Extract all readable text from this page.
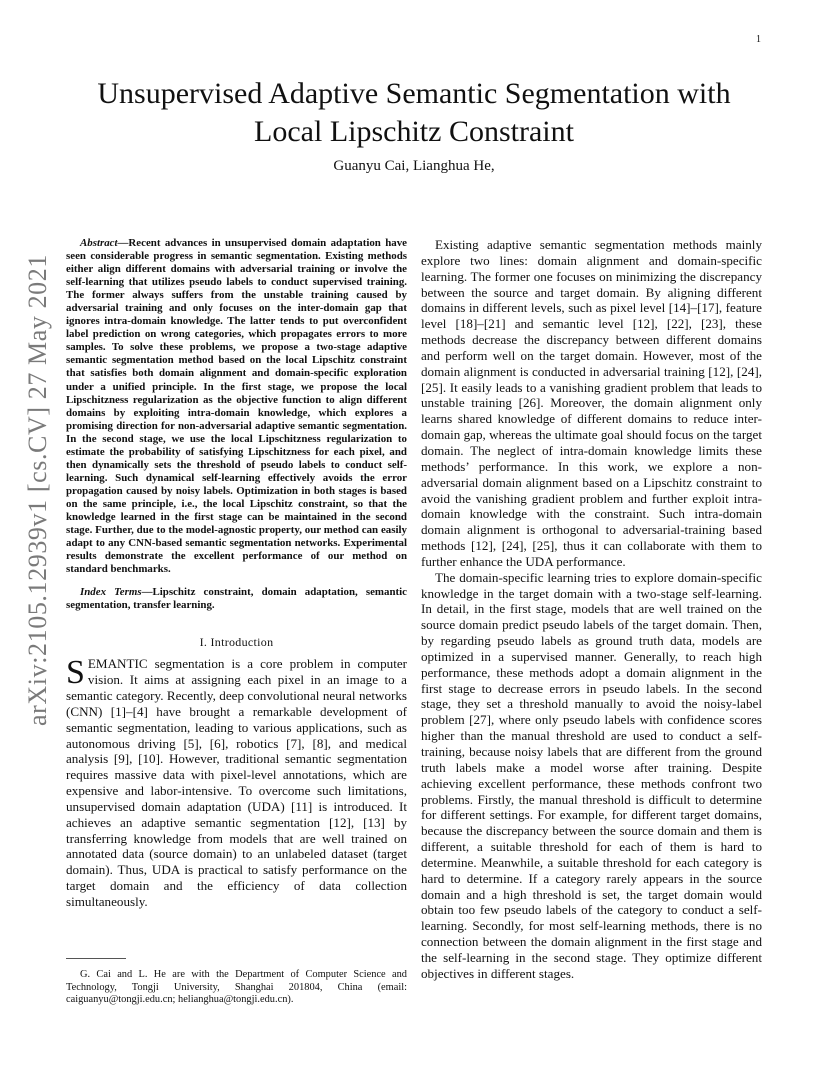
1
arXiv:2105.12939v1 [cs.CV] 27 May 2021
Unsupervised Adaptive Semantic Segmentation with
Local Lipschitz Constraint
Guanyu Cai, Lianghua He,

Abstract—Recent advances in unsupervised domain adaptation have seen considerable progress in semantic segmentation. Existing methods either align different domains with adversarial training or involve the self-learning that utilizes pseudo labels to conduct supervised training. The former always suffers from the unstable training caused by adversarial training and only focuses on the inter-domain gap that ignores intra-domain knowledge. The latter tends to put overconfident label prediction on wrong categories, which propagates errors to more samples. To solve these problems, we propose a two-stage adaptive semantic segmentation method based on the local Lipschitz constraint that satisfies both domain alignment and domain-specific exploration under a unified principle. In the first stage, we propose the local Lipschitzness regularization as the objective function to align different domains by exploiting intra-domain knowledge, which explores a promising direction for non-adversarial adaptive semantic segmentation. In the second stage, we use the local Lipschitzness regularization to estimate the probability of satisfying Lipschitzness for each pixel, and then dynamically sets the threshold of pseudo labels to conduct self-learning. Such dynamical self-learning effectively avoids the error propagation caused by noisy labels. Optimization in both stages is based on the same principle, i.e., the local Lipschitz constraint, so that the knowledge learned in the first stage can be maintained in the second stage. Further, due to the model-agnostic property, our method can easily adapt to any CNN-based semantic segmentation networks. Experimental results demonstrate the excellent performance of our method on standard benchmarks.

Index Terms—Lipschitz constraint, domain adaptation, semantic segmentation, transfer learning.

I. Introduction

SEMANTIC segmentation is a core problem in computer vision. It aims at assigning each pixel in an image to a semantic category. Recently, deep convolutional neural networks (CNN) [1]–[4] have brought a remarkable development of semantic segmentation, leading to various applications, such as autonomous driving [5], [6], robotics [7], [8], and medical analysis [9], [10]. However, traditional semantic segmentation requires massive data with pixel-level annotations, which are expensive and labor-intensive. To overcome such limitations, unsupervised domain adaptation (UDA) [11] is introduced. It achieves an adaptive semantic segmentation [12], [13] by transferring knowledge from models that are well trained on annotated data (source domain) to an unlabeled dataset (target domain). Thus, UDA is practical to satisfy performance on the target domain and the efficiency of data collection simultaneously.

G. Cai and L. He are with the Department of Computer Science and Technology, Tongji University, Shanghai 201804, China (email: caiguanyu@tongji.edu.cn; helianghua@tongji.edu.cn).

Existing adaptive semantic segmentation methods mainly explore two lines: domain alignment and domain-specific learning. The former one focuses on minimizing the discrepancy between the source and target domain. By aligning different domains in different levels, such as pixel level [14]–[17], feature level [18]–[21] and semantic level [12], [22], [23], these methods decrease the discrepancy between different domains and perform well on the target domain. However, most of the domain alignment is conducted in adversarial training [12], [24], [25]. It easily leads to a vanishing gradient problem that leads to unstable training [26]. Moreover, the domain alignment only learns shared knowledge of different domains to reduce inter-domain gap, whereas the ultimate goal should focus on the target domain. The neglect of intra-domain knowledge limits these methods’ performance. In this work, we explore a non-adversarial domain alignment based on a Lipschitz constraint to avoid the vanishing gradient problem and further exploit intra-domain knowledge with the constraint. Such intra-domain domain alignment is orthogonal to adversarial-training based methods [12], [24], [25], thus it can collaborate with them to further enhance the UDA performance.

The domain-specific learning tries to explore domain-specific knowledge in the target domain with a two-stage self-learning. In detail, in the first stage, models that are well trained on the source domain predict pseudo labels of the target domain. Then, by regarding pseudo labels as ground truth data, models are optimized in a supervised manner. Generally, to reach high performance, these methods adopt a domain alignment in the first stage to decrease errors in pseudo labels. In the second stage, they set a threshold manually to avoid the noisy-label problem [27], where only pseudo labels with confidence scores higher than the manual threshold are used to conduct a self-training, because noisy labels that are different from the ground truth labels make a model worse after training. Despite achieving excellent performance, these methods confront two problems. Firstly, the manual threshold is difficult to determine for different settings. For example, for different target domains, because the discrepancy between the source domain and them is different, a suitable threshold for each of them is hard to determine. Meanwhile, a suitable threshold for each category is hard to determine. If a category rarely appears in the source domain and a high threshold is set, the target domain would obtain too few pseudo labels of the category to conduct a self-learning. Secondly, for most self-learning methods, there is no connection between the domain alignment in the first stage and the self-learning in the second stage. They optimize different objectives in different stages.
